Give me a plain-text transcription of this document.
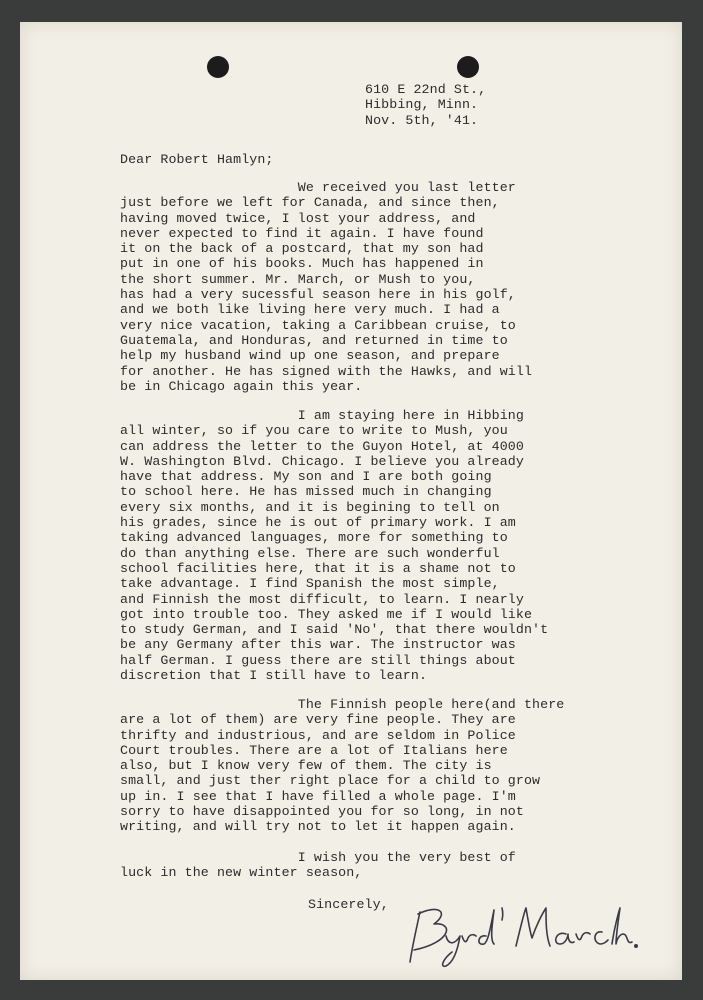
610 E 22nd St.,
Hibbing, Minn.
Nov. 5th, '41.
Dear Robert Hamlyn;
We received you last letter
just before we left for Canada, and since then,
having moved twice, I lost your address, and
never expected to find it again. I have found
it on the back of a postcard, that my son had
put in one of his books. Much has happened in
the short summer. Mr. March, or Mush to you,
has had a very sucessful season here in his golf,
and we both like living here very much. I had a
very nice vacation, taking a Caribbean cruise, to
Guatemala, and Honduras, and returned in time to
help my husband wind up one season, and prepare
for another. He has signed with the Hawks, and will
be in Chicago again this year.
I am staying here in Hibbing
all winter, so if you care to write to Mush, you
can address the letter to the Guyon Hotel, at 4000
W. Washington Blvd. Chicago. I believe you already
have that address. My son and I are both going
to school here. He has missed much in changing
every six months, and it is begining to tell on
his grades, since he is out of primary work. I am
taking advanced languages, more for something to
do than anything else. There are such wonderful
school facilities here, that it is a shame not to
take advantage. I find Spanish the most simple,
and Finnish the most difficult, to learn. I nearly
got into trouble too. They asked me if I would like
to study German, and I said 'No', that there wouldn't
be any Germany after this war. The instructor was
half German. I guess there are still things about
discretion that I still have to learn.
The Finnish people here(and there
are a lot of them) are very fine people. They are
thrifty and industrious, and are seldom in Police
Court troubles. There are a lot of Italians here
also, but I know very few of them. The city is
small, and just ther right place for a child to grow
up in. I see that I have filled a whole page. I'm
sorry to have disappointed you for so long, in not
writing, and will try not to let it happen again.
I wish you the very best of
luck in the new winter season,
Sincerely,
